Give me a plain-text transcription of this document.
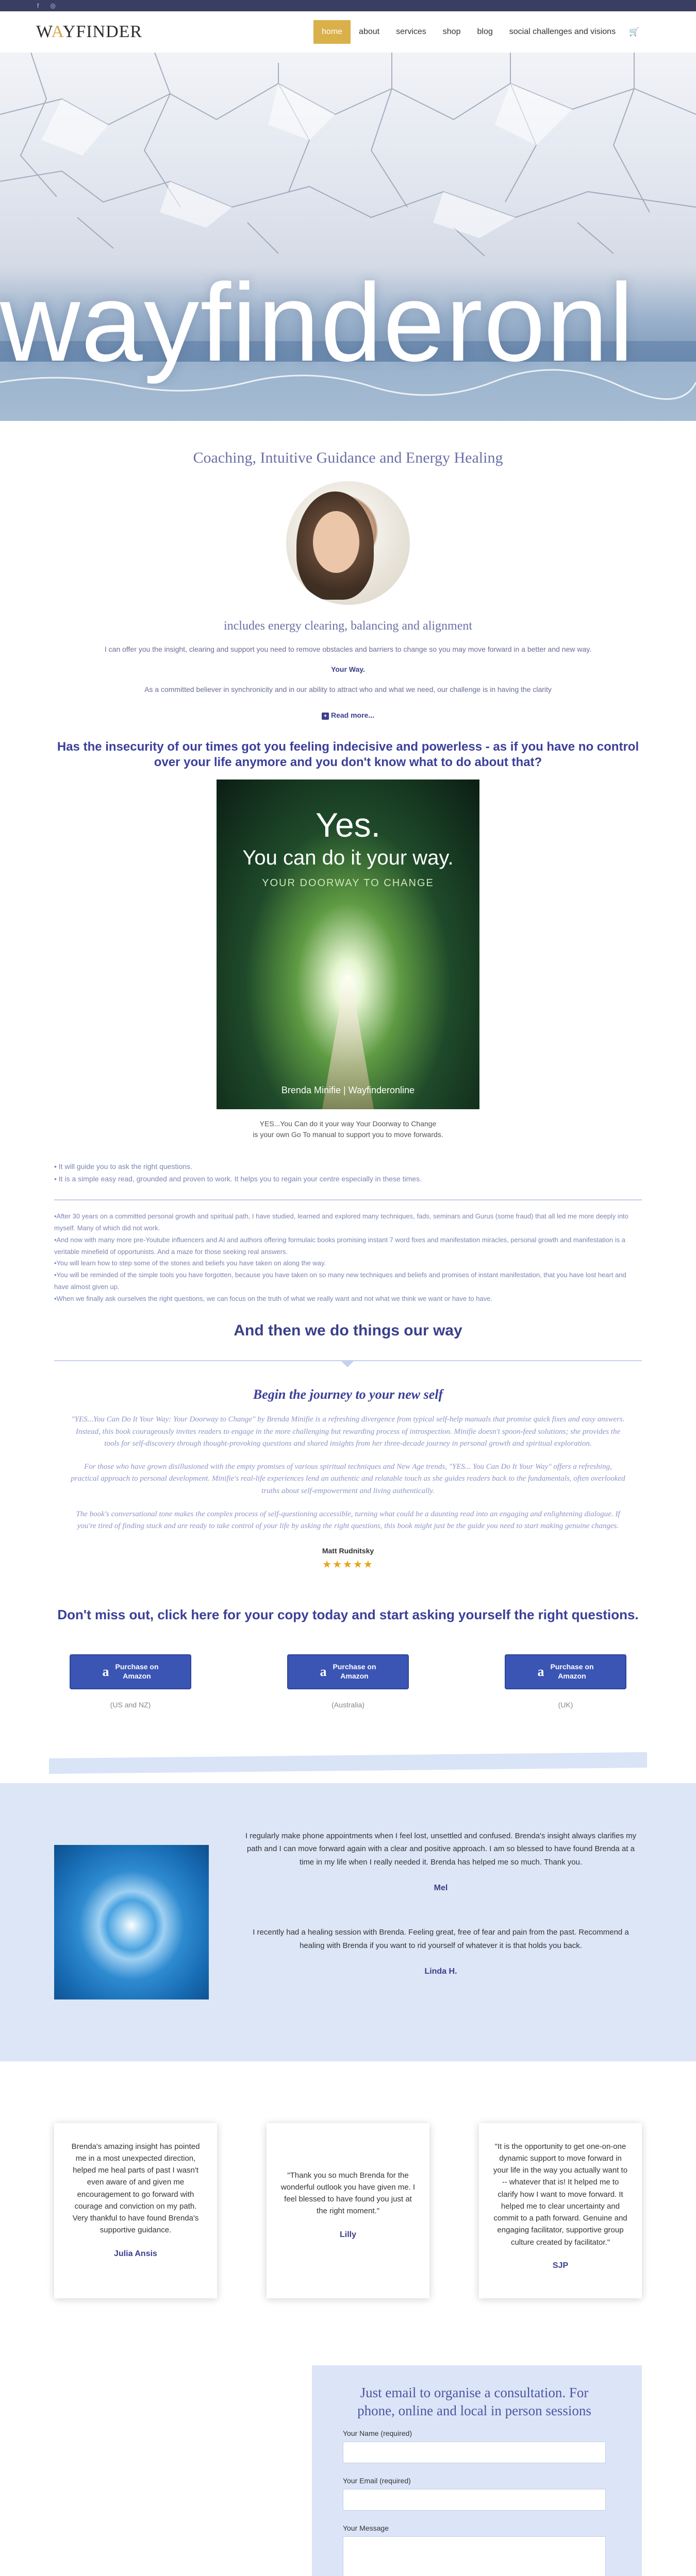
f ◎
WAYFINDER	home	about	services	shop	blog	social challenges and visions	🛒
wayfinderonl
Coaching, Intuitive Guidance and Energy Healing
includes energy clearing, balancing and alignment
I can offer you the insight, clearing and support you need to remove obstacles and barriers to change so you may move forward in a better and new way.
Your Way.
As a committed believer in synchronicity and in our ability to attract who and what we need, our challenge is in having the clarity
+ Read more...
Has the insecurity of our times got you feeling indecisive and powerless - as if you have no control over your life anymore and you don't know what to do about that?
Yes.
You can do it your way.
YOUR DOORWAY TO CHANGE
Brenda Minifie | Wayfinderonline
YES...You Can do it your way Your Doorway to Change
is your own Go To manual to support you to move forwards.
• It will guide you to ask the right questions.
• It is a simple easy read, grounded and proven to work. It helps you to regain your centre especially in these times.
•After 30 years on a committed personal growth and spiritual path, I have studied, learned and explored many techniques, fads, seminars and Gurus (some fraud) that all led me more deeply into myself. Many of which did not work.
•And now with many more pre-Youtube influencers and AI and authors offering formulaic books promising instant 7 word fixes and manifestation miracles, personal growth and manifestation is a veritable minefield of opportunists. And a maze for those seeking real answers.
•You will learn how to step some of the stones and beliefs you have taken on along the way.
•You will be reminded of the simple tools you have forgotten, because you have taken on so many new techniques and beliefs and promises of instant manifestation, that you have lost heart and have almost given up.
•When we finally ask ourselves the right questions, we can focus on the truth of what we really want and not what we think we want or have to have.
And then we do things our way
Begin the journey to your new self

"YES...You Can Do It Your Way: Your Doorway to Change" by Brenda Minifie is a refreshing divergence from typical self-help manuals that promise quick fixes and easy answers. Instead, this book courageously invites readers to engage in the more challenging but rewarding process of introspection. Minifie doesn't spoon-feed solutions; she provides the tools for self-discovery through thought-provoking questions and shared insights from her three-decade journey in personal growth and spiritual exploration.

For those who have grown disillusioned with the empty promises of various spiritual techniques and New Age trends, "YES... You Can Do It Your Way" offers a refreshing, practical approach to personal development. Minifie's real-life experiences lend an authentic and relatable touch as she guides readers back to the fundamentals, often overlooked truths about self-empowerment and living authentically.

The book's conversational tone makes the complex process of self-questioning accessible, turning what could be a daunting read into an engaging and enlightening dialogue. If you're tired of finding stuck and are ready to take control of your life by asking the right questions, this book might just be the guide you need to start making genuine changes.

Matt Rudnitsky
★★★★★
Don't miss out, click here for your copy today and start asking yourself the right questions.
a Purchase on
Amazon
(US and NZ)
a Purchase on
Amazon
(Australia)
a Purchase on
Amazon
(UK)
I regularly make phone appointments when I feel lost, unsettled and confused. Brenda's insight always clarifies my path and I can move forward again with a clear and positive approach. I am so blessed to have found Brenda at a time in my life when I really needed it. Brenda has helped me so much. Thank you.
Mel
I recently had a healing session with Brenda. Feeling great, free of fear and pain from the past. Recommend a healing with Brenda if you want to rid yourself of whatever it is that holds you back.
Linda H.
Brenda's amazing insight has pointed me in a most unexpected direction, helped me heal parts of past I wasn't even aware of and given me encouragement to go forward with courage and conviction on my path. Very thankful to have found Brenda's supportive guidance.
Julia Ansis
"Thank you so much Brenda for the wonderful outlook you have given me. I feel blessed to have found you just at the right moment."
Lilly
"It is the opportunity to get one-on-one dynamic support to move forward in your life in the way you actually want to -- whatever that is! It helped me to clarify how I want to move forward. It helped me to clear uncertainty and commit to a path forward. Genuine and engaging facilitator, supportive group culture created by facilitator."
SJP
Just email to organise a consultation. For phone, online and local in person sessions
Your Name (required)
Your Email (required)
Your Message
